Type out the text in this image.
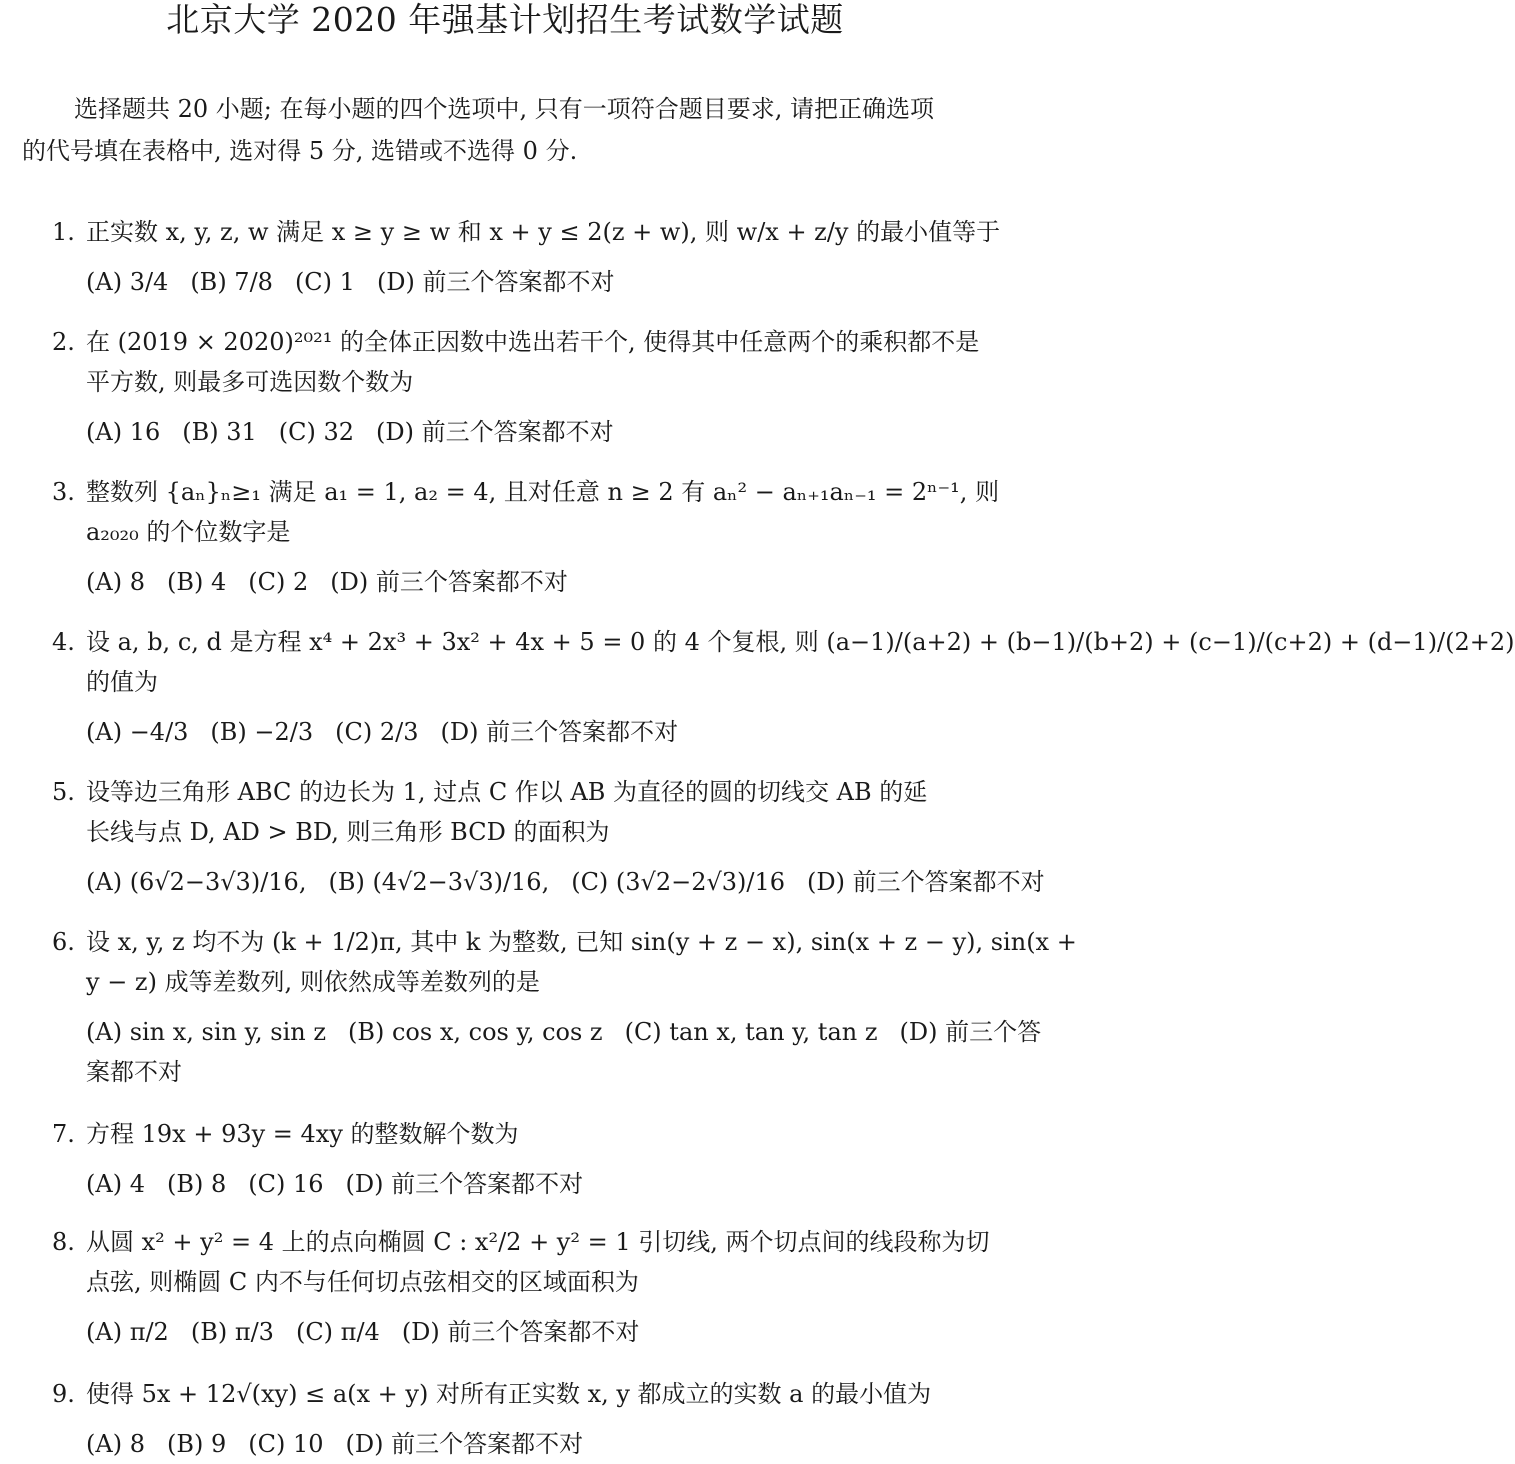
北京大学 2020 年强基计划招生考试数学试题
选择题共 20 小题; 在每小题的四个选项中, 只有一项符合题目要求, 请把正确选项
的代号填在表格中, 选对得 5 分, 选错或不选得 0 分.
1. 正实数 x, y, z, w 满足 x ≥ y ≥ w 和 x + y ≤ 2(z + w), 则 w/x + z/y 的最小值等于
(A) 3/4 (B) 7/8 (C) 1 (D) 前三个答案都不对
2. 在 (2019 × 2020)²⁰²¹ 的全体正因数中选出若干个, 使得其中任意两个的乘积都不是
平方数, 则最多可选因数个数为
(A) 16 (B) 31 (C) 32 (D) 前三个答案都不对
3. 整数列 {aₙ}ₙ≥₁ 满足 a₁ = 1, a₂ = 4, 且对任意 n ≥ 2 有 aₙ² − aₙ₊₁aₙ₋₁ = 2ⁿ⁻¹, 则
a₂₀₂₀ 的个位数字是
(A) 8 (B) 4 (C) 2 (D) 前三个答案都不对
4. 设 a, b, c, d 是方程 x⁴ + 2x³ + 3x² + 4x + 5 = 0 的 4 个复根, 则 (a−1)/(a+2) + (b−1)/(b+2) + (c−1)/(c+2) + (d−1)/(2+2)
的值为
(A) −4/3 (B) −2/3 (C) 2/3 (D) 前三个答案都不对
5. 设等边三角形 ABC 的边长为 1, 过点 C 作以 AB 为直径的圆的切线交 AB 的延
长线与点 D, AD > BD, 则三角形 BCD 的面积为
(A) (6√2−3√3)/16, (B) (4√2−3√3)/16, (C) (3√2−2√3)/16 (D) 前三个答案都不对
6. 设 x, y, z 均不为 (k + 1/2)π, 其中 k 为整数, 已知 sin(y + z − x), sin(x + z − y), sin(x +
y − z) 成等差数列, 则依然成等差数列的是
(A) sin x, sin y, sin z (B) cos x, cos y, cos z (C) tan x, tan y, tan z (D) 前三个答
案都不对
7. 方程 19x + 93y = 4xy 的整数解个数为
(A) 4 (B) 8 (C) 16 (D) 前三个答案都不对
8. 从圆 x² + y² = 4 上的点向椭圆 C : x²/2 + y² = 1 引切线, 两个切点间的线段称为切
点弦, 则椭圆 C 内不与任何切点弦相交的区域面积为
(A) π/2 (B) π/3 (C) π/4 (D) 前三个答案都不对
9. 使得 5x + 12√(xy) ≤ a(x + y) 对所有正实数 x, y 都成立的实数 a 的最小值为
(A) 8 (B) 9 (C) 10 (D) 前三个答案都不对
